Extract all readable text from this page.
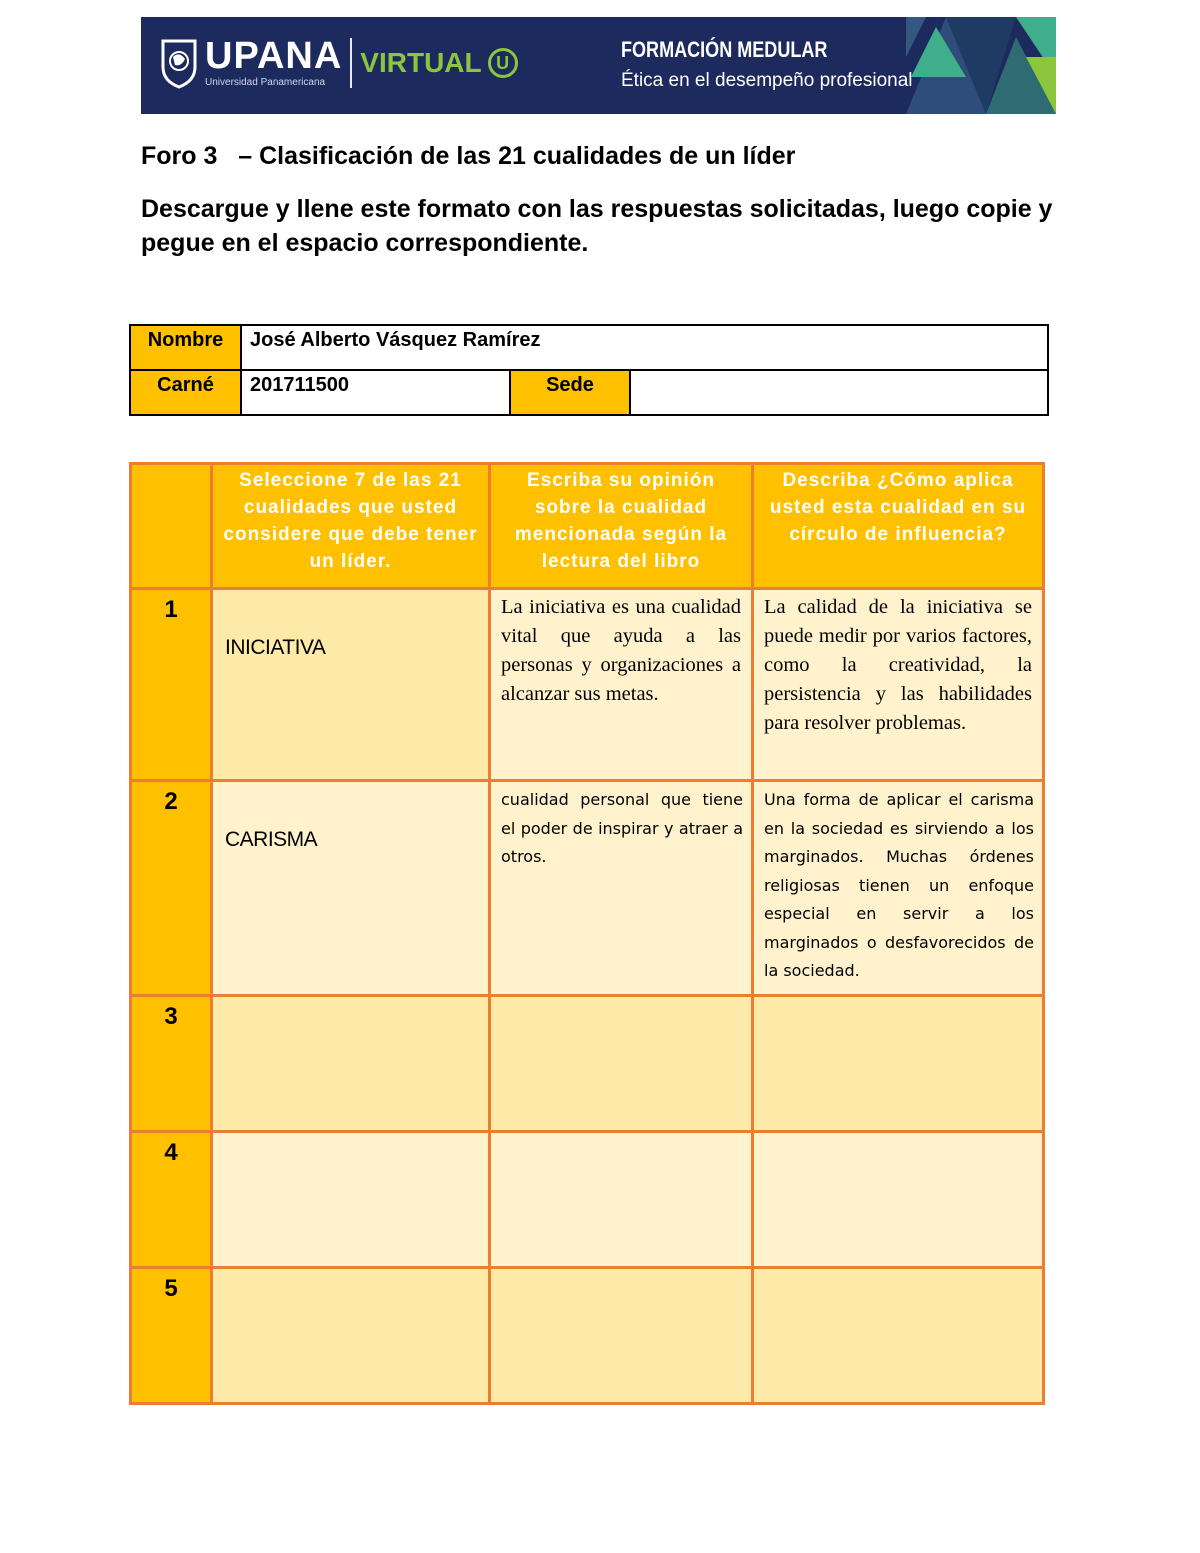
UPANA
Universidad Panamericana
VIRTUAL U
FORMACIÓN MEDULAR
Ética en el desempeño profesional
Foro 3   – Clasificación de las 21 cualidades de un líder
Descargue y llene este formato con las respuestas solicitadas, luego copie y pegue en el espacio correspondiente.
Nombre	José Alberto Vásquez Ramírez		
Carné	201711500	Sede	
	Seleccione 7 de las 21 cualidades que usted considere que debe tener un líder.	Escriba su opinión sobre la cualidad mencionada según la lectura del libro	Describa ¿Cómo aplica usted esta cualidad en su círculo de influencia?
1	INICIATIVA	La iniciativa es una cualidad vital que ayuda a las personas y organizaciones a alcanzar sus metas.	La calidad de la iniciativa se puede medir por varios factores, como la creatividad, la persistencia y las habilidades para resolver problemas.
2	CARISMA	cualidad personal que tiene el poder de inspirar y atraer a otros.	Una forma de aplicar el carisma en la sociedad es sirviendo a los marginados. Muchas órdenes religiosas tienen un enfoque especial en servir a los marginados o desfavorecidos de la sociedad.
3			
4			
5			
